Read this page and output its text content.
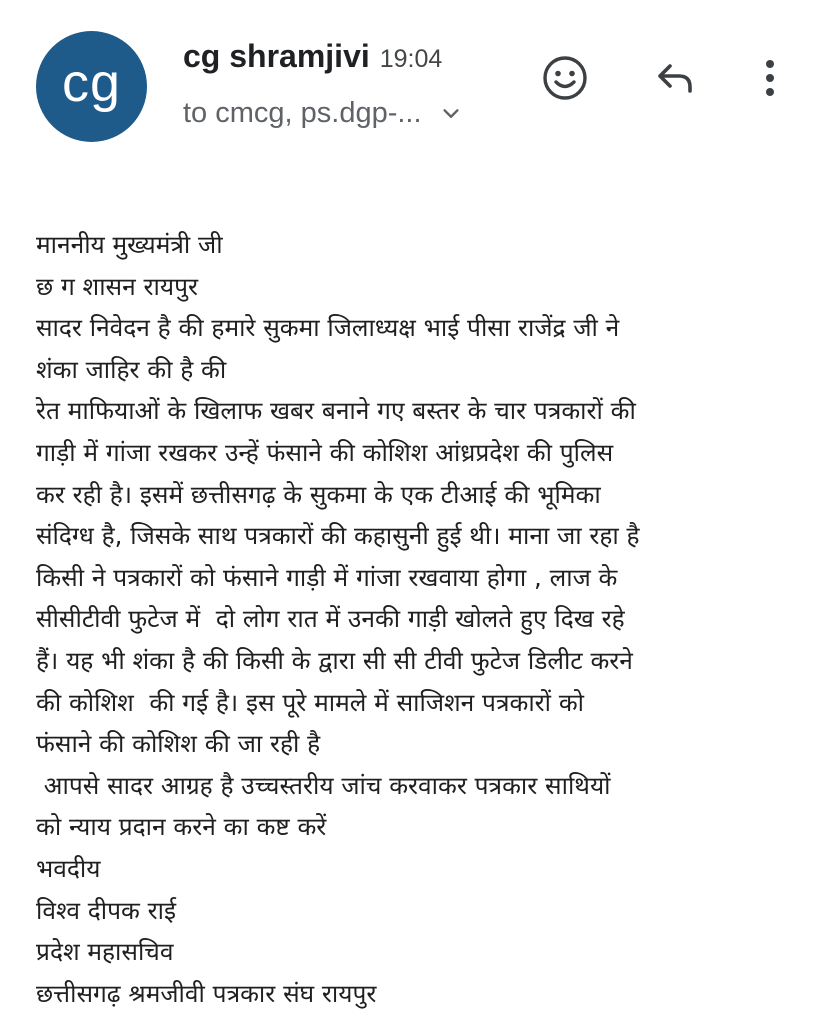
cg	cg shramjivi 19:04
to cmcg, ps.dgp-...
माननीय मुख्यमंत्री जी
छ ग शासन रायपुर
सादर निवेदन है की हमारे सुकमा जिलाध्यक्ष भाई पीसा राजेंद्र जी ने
शंका जाहिर की है की
रेत माफियाओं के खिलाफ खबर बनाने गए बस्तर के चार पत्रकारों की
गाड़ी में गांजा रखकर उन्हें फंसाने की कोशिश आंध्रप्रदेश की पुलिस
कर रही है। इसमें छत्तीसगढ़ के सुकमा के एक टीआई की भूमिका
संदिग्ध है, जिसके साथ पत्रकारों की कहासुनी हुई थी। माना जा रहा है
किसी ने पत्रकारों को फंसाने गाड़ी में गांजा रखवाया होगा , लाज के
सीसीटीवी फुटेज में  दो लोग रात में उनकी गाड़ी खोलते हुए दिख रहे
हैं। यह भी शंका है की किसी के द्वारा सी सी टीवी फुटेज डिलीट करने
की कोशिश  की गई है। इस पूरे मामले में साजिशन पत्रकारों को
फंसाने की कोशिश की जा रही है
आपसे सादर आग्रह है उच्चस्तरीय जांच करवाकर पत्रकार साथियों
को न्याय प्रदान करने का कष्ट करें
भवदीय
विश्व दीपक राई
प्रदेश महासचिव
छत्तीसगढ़ श्रमजीवी पत्रकार संघ रायपुर
